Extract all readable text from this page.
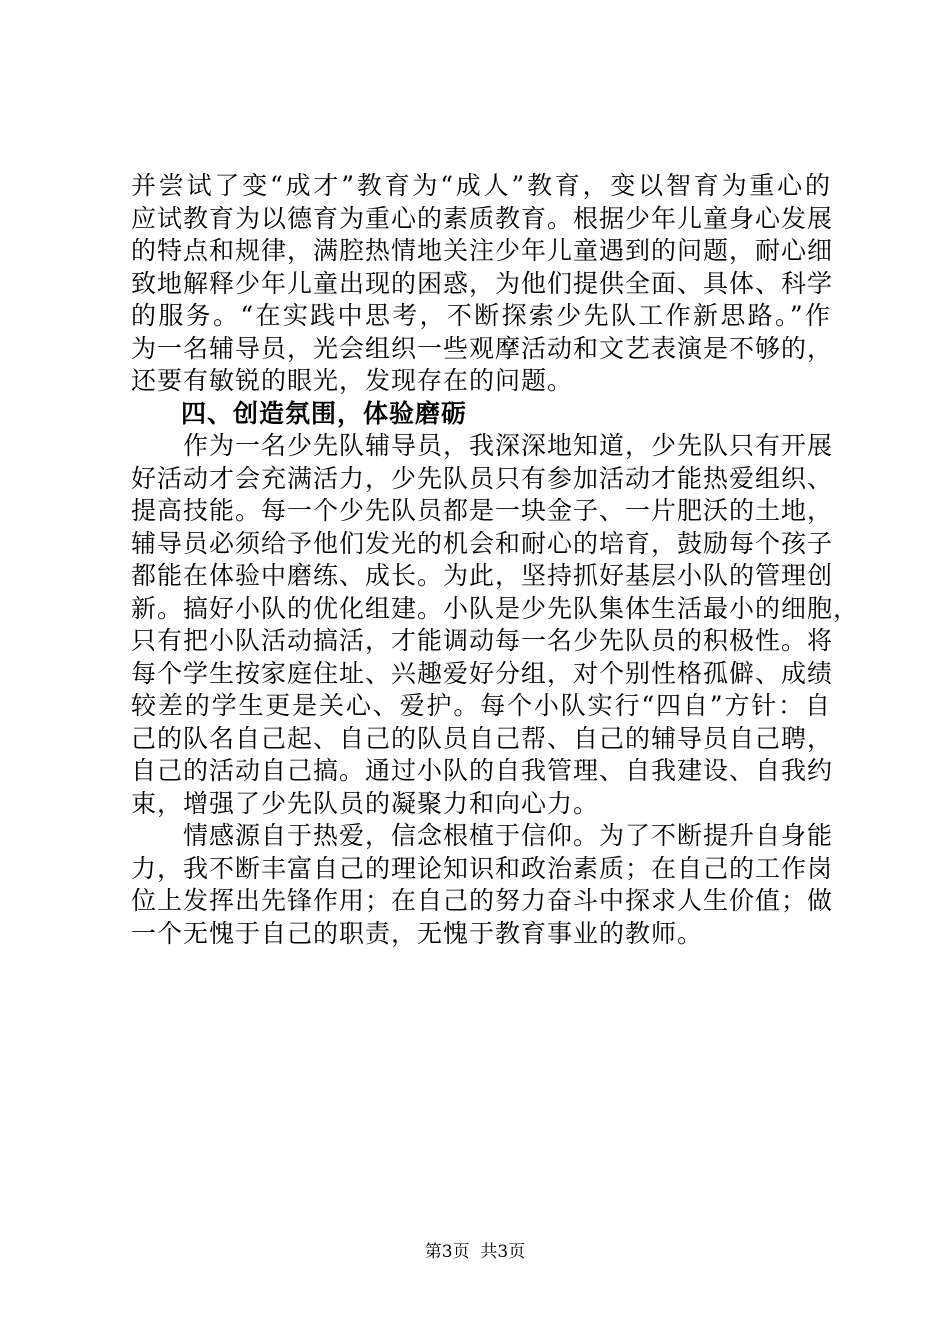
并尝试了变“成才”教育为“成人”教育，变以智育为重心的
应试教育为以德育为重心的素质教育。根据少年儿童身心发展
的特点和规律，满腔热情地关注少年儿童遇到的问题，耐心细
致地解释少年儿童出现的困惑，为他们提供全面、具体、科学
的服务。“在实践中思考，不断探索少先队工作新思路。”作
为一名辅导员，光会组织一些观摩活动和文艺表演是不够的，
还要有敏锐的眼光，发现存在的问题。
四、创造氛围，体验磨砺
　　作为一名少先队辅导员，我深深地知道，少先队只有开展
好活动才会充满活力，少先队员只有参加活动才能热爱组织、
提高技能。每一个少先队员都是一块金子、一片肥沃的土地，
辅导员必须给予他们发光的机会和耐心的培育，鼓励每个孩子
都能在体验中磨练、成长。为此，坚持抓好基层小队的管理创
新。搞好小队的优化组建。小队是少先队集体生活最小的细胞，
只有把小队活动搞活，才能调动每一名少先队员的积极性。将
每个学生按家庭住址、兴趣爱好分组，对个别性格孤僻、成绩
较差的学生更是关心、爱护。每个小队实行“四自”方针：自
己的队名自己起、自己的队员自己帮、自己的辅导员自己聘，
自己的活动自己搞。通过小队的自我管理、自我建设、自我约
束，增强了少先队员的凝聚力和向心力。
　　情感源自于热爱，信念根植于信仰。为了不断提升自身能
力，我不断丰富自己的理论知识和政治素质；在自己的工作岗
位上发挥出先锋作用；在自己的努力奋斗中探求人生价值；做
一个无愧于自己的职责，无愧于教育事业的教师。
第3页 共3页
